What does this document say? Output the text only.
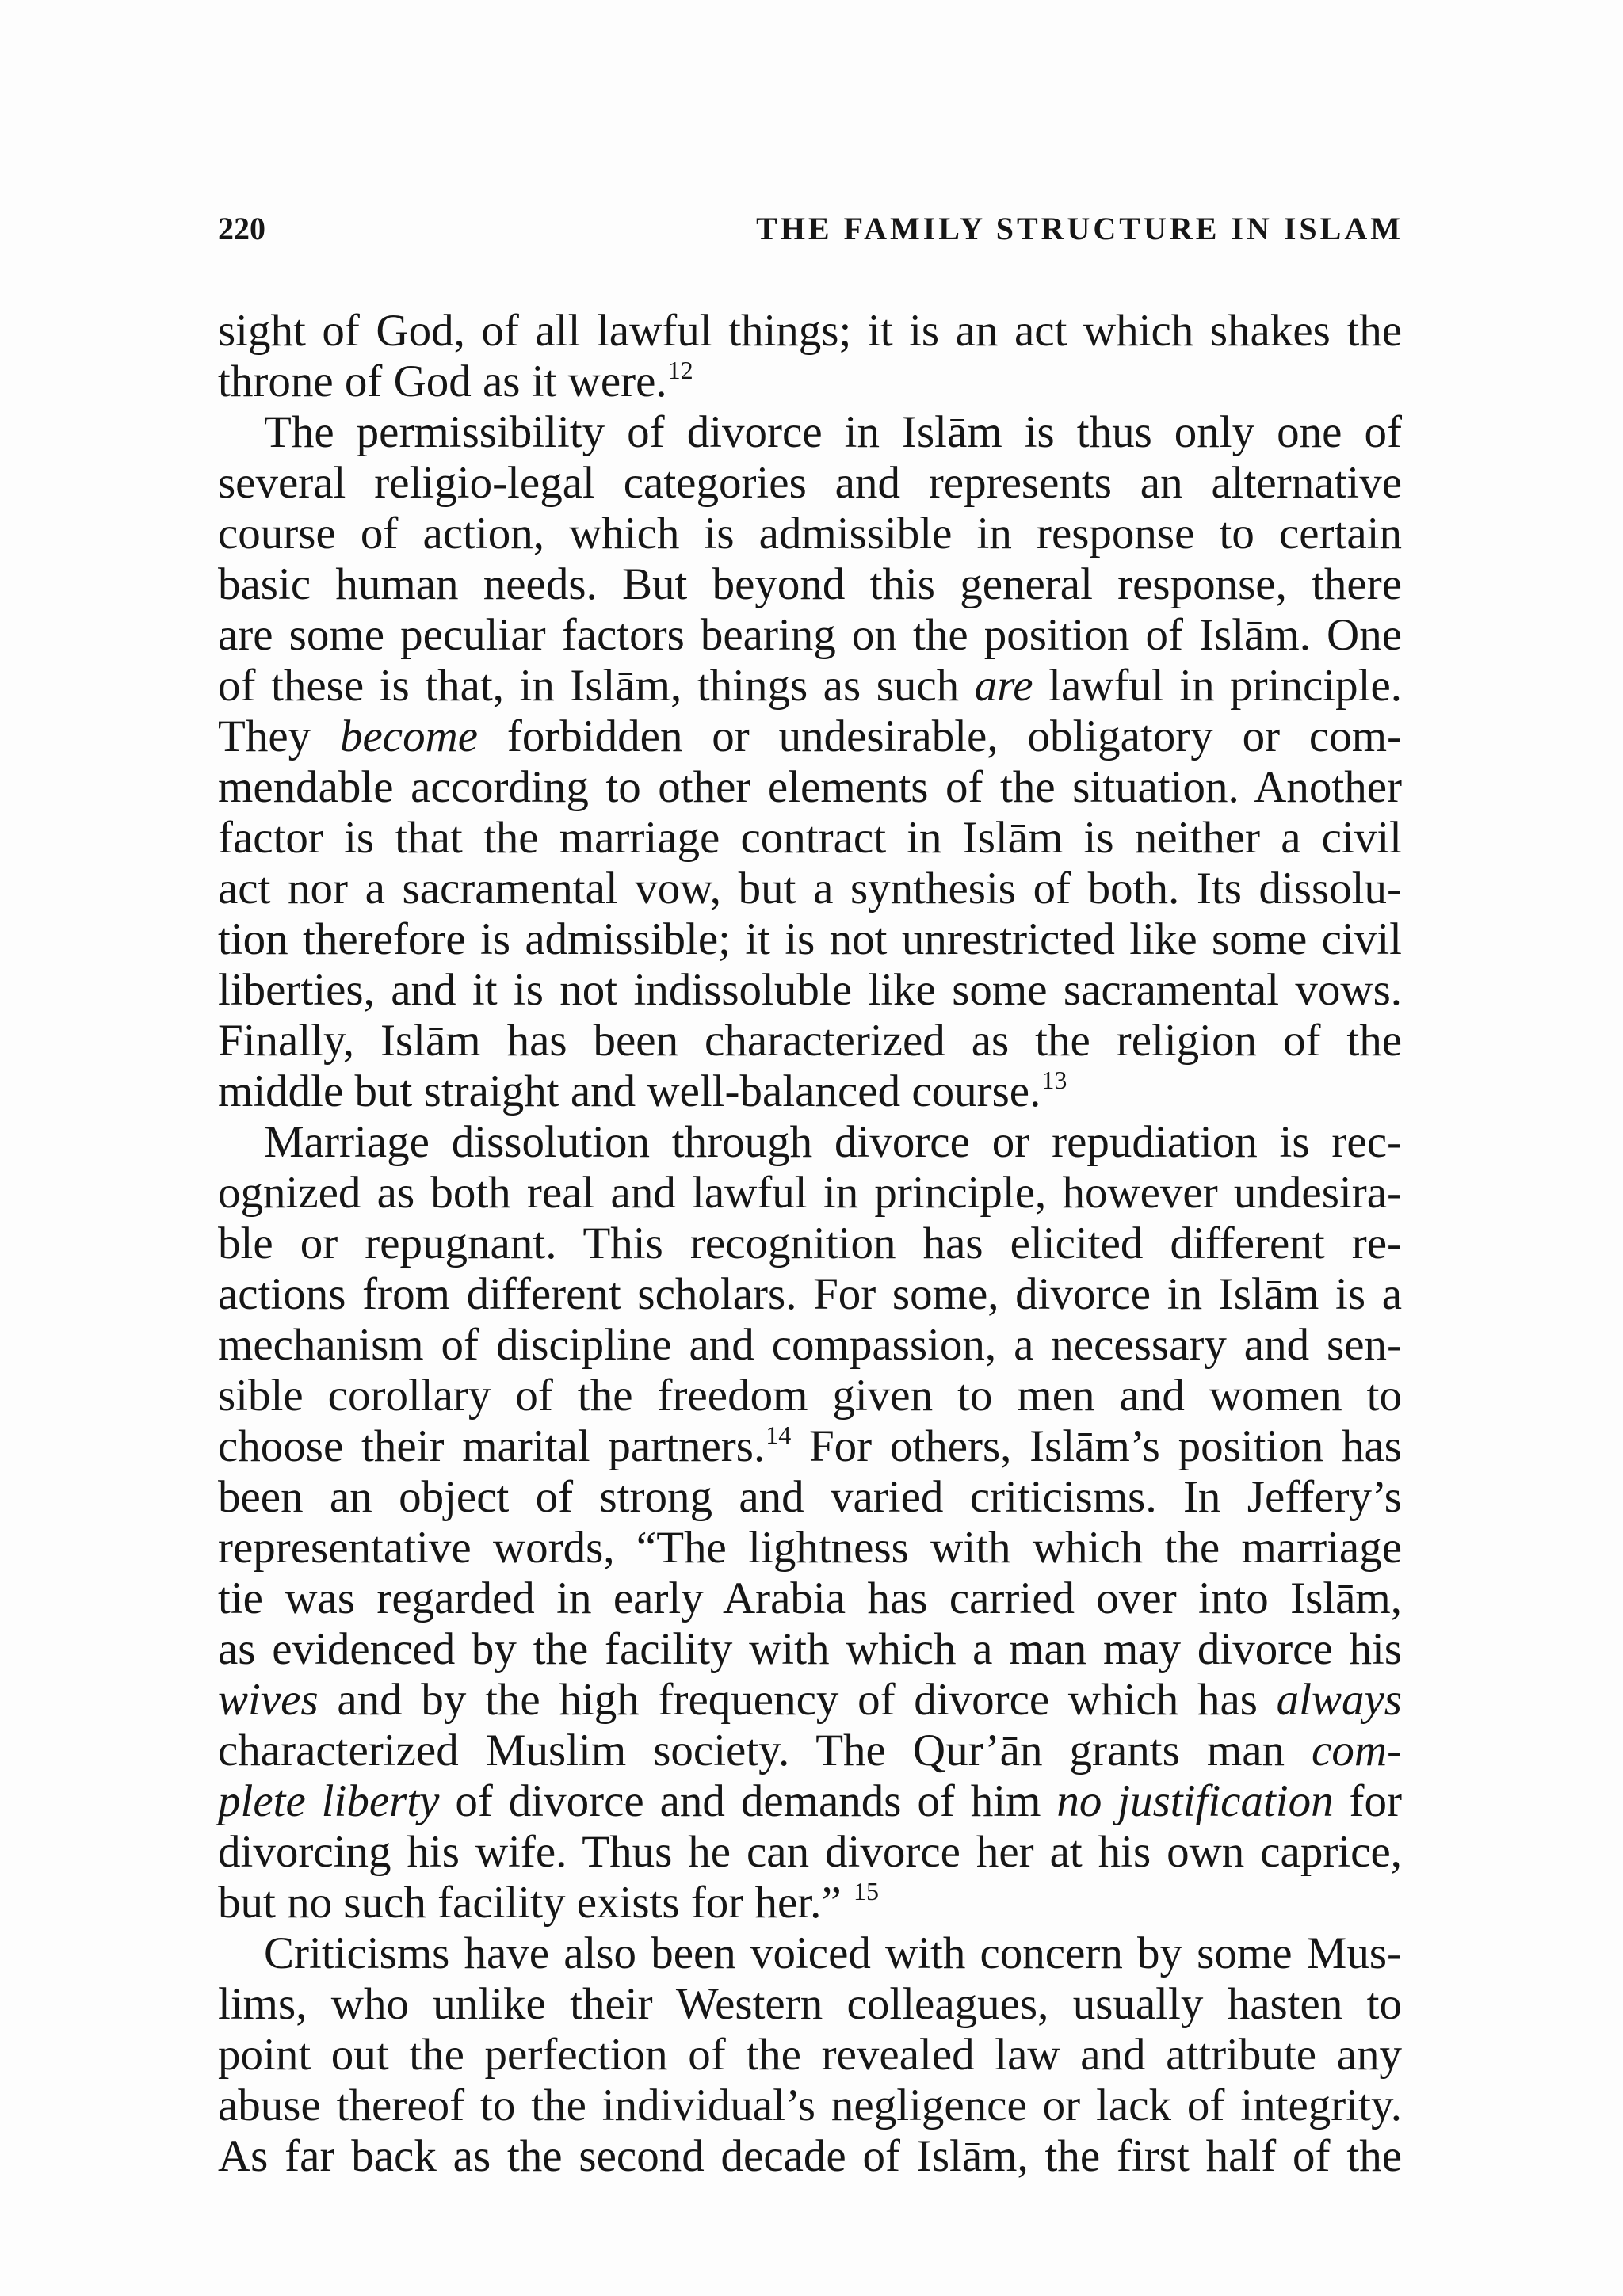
220	THE FAMILY STRUCTURE IN ISLAM
sight of God, of all lawful things; it is an act which shakes the
throne of God as it were.$^{12}$
The permissibility of divorce in Islām is thus only one of
several religio-legal categories and represents an alternative
course of action, which is admissible in response to certain
basic human needs. But beyond this general response, there
are some peculiar factors bearing on the position of Islām. One
of these is that, in Islām, things as such are lawful in principle.
They become forbidden or undesirable, obligatory or com-
mendable according to other elements of the situation. Another
factor is that the marriage contract in Islām is neither a civil
act nor a sacramental vow, but a synthesis of both. Its dissolu-
tion therefore is admissible; it is not unrestricted like some civil
liberties, and it is not indissoluble like some sacramental vows.
Finally, Islām has been characterized as the religion of the
middle but straight and well-balanced course.$^{13}$
Marriage dissolution through divorce or repudiation is rec-
ognized as both real and lawful in principle, however undesira-
ble or repugnant. This recognition has elicited different re-
actions from different scholars. For some, divorce in Islām is a
mechanism of discipline and compassion, a necessary and sen-
sible corollary of the freedom given to men and women to
choose their marital partners.$^{14}$ For others, Islām’s position has
been an object of strong and varied criticisms. In Jeffery’s
representative words, “The lightness with which the marriage
tie was regarded in early Arabia has carried over into Islām,
as evidenced by the facility with which a man may divorce his
wives and by the high frequency of divorce which has always
characterized Muslim society. The Qur’ān grants man com-
plete liberty of divorce and demands of him no justification for
divorcing his wife. Thus he can divorce her at his own caprice,
but no such facility exists for her.” $^{15}$
Criticisms have also been voiced with concern by some Mus-
lims, who unlike their Western colleagues, usually hasten to
point out the perfection of the revealed law and attribute any
abuse thereof to the individual’s negligence or lack of integrity.
As far back as the second decade of Islām, the first half of the
